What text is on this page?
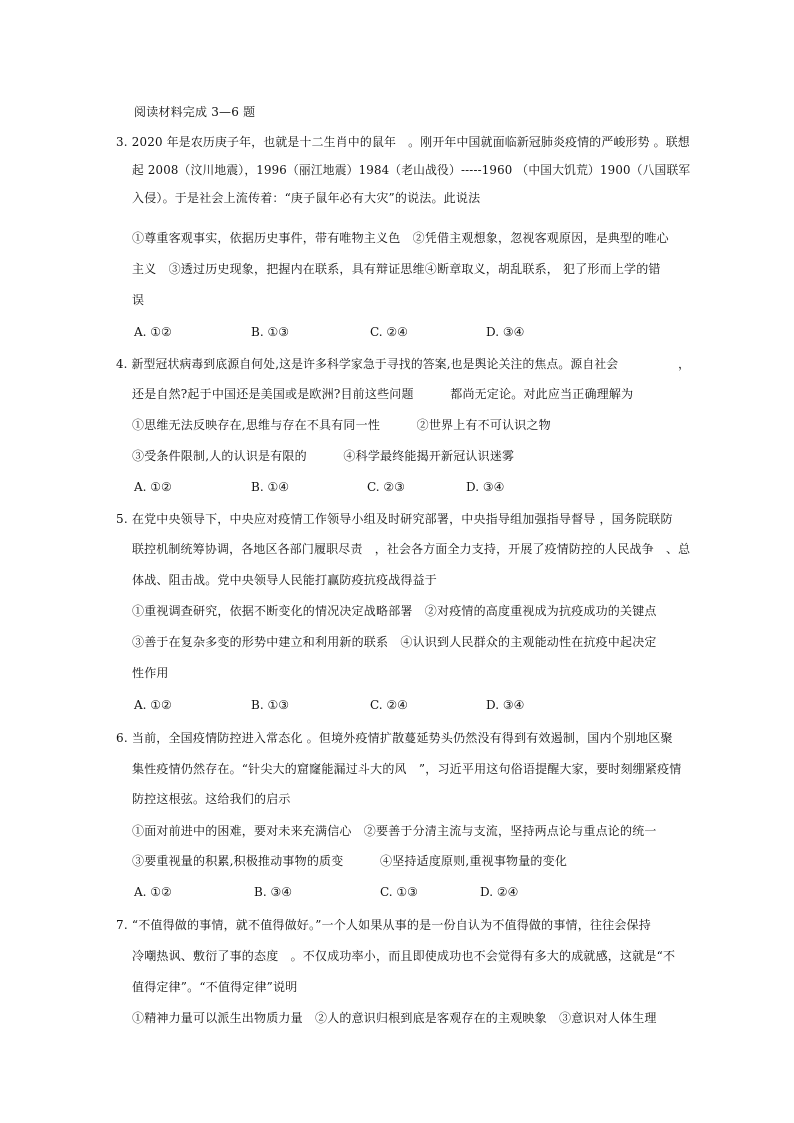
阅读材料完成 3—6 题
3. 2020 年是农历庚子年，也就是十二生肖中的鼠年　。刚开年中国就面临新冠肺炎疫情的严峻形势 。联想
起 2008（汶川地震），1996（丽江地震）1984（老山战役）-----1960 （中国大饥荒）1900（八国联军
入侵）。于是社会上流传着：“庚子鼠年必有大灾”的说法。此说法
①尊重客观事实，依据历史事件，带有唯物主义色　②凭借主观想象，忽视客观原因，是典型的唯心
主义　③透过历史现象，把握内在联系，具有辩证思维④断章取义，胡乱联系， 犯了形而上学的错
误
A. ①②	B. ①③	C. ②④	D. ③④
4. 新型冠状病毒到底源自何处,这是许多科学家急于寻找的答案,也是舆论关注的焦点。源自社会　　　　　，
还是自然?起于中国还是美国或是欧洲?目前这些问题　　　都尚无定论。对此应当正确理解为
①思维无法反映存在,思维与存在不具有同一性　　　②世界上有不可认识之物
③受条件限制,人的认识是有限的　　　④科学最终能揭开新冠认识迷雾
A. ①②	B. ①④	C. ②③	D. ③④
5. 在党中央领导下，中央应对疫情工作领导小组及时研究部署，中央指导组加强指导督导 ，国务院联防
联控机制统筹协调，各地区各部门履职尽责　，社会各方面全力支持，开展了疫情防控的人民战争　、总
体战、阻击战。党中央领导人民能打赢防疫抗疫战得益于
①重视调查研究，依据不断变化的情况决定战略部署　②对疫情的高度重视成为抗疫成功的关键点
③善于在复杂多变的形势中建立和利用新的联系　④认识到人民群众的主观能动性在抗疫中起决定
性作用
A. ①②	B. ①③	C. ②④	D. ③④
6. 当前，全国疫情防控进入常态化 。但境外疫情扩散蔓延势头仍然没有得到有效遏制，国内个别地区聚
集性疫情仍然存在。“针尖大的窟窿能漏过斗大的风　”，习近平用这句俗语提醒大家，要时刻绷紧疫情
防控这根弦。这给我们的启示
①面对前进中的困难，要对未来充满信心　②要善于分清主流与支流，坚持两点论与重点论的统一
③要重视量的积累,积极推动事物的质变　　　④坚持适度原则,重视事物量的变化
A. ①②	B. ③④	C. ①③	D. ②④
7. “不值得做的事情，就不值得做好。”一个人如果从事的是一份自认为不值得做的事情，往往会保持
冷嘲热讽、敷衍了事的态度　。不仅成功率小，而且即使成功也不会觉得有多大的成就感，这就是“不
值得定律”。“不值得定律”说明
①精神力量可以派生出物质力量　②人的意识归根到底是客观存在的主观映象　③意识对人体生理
